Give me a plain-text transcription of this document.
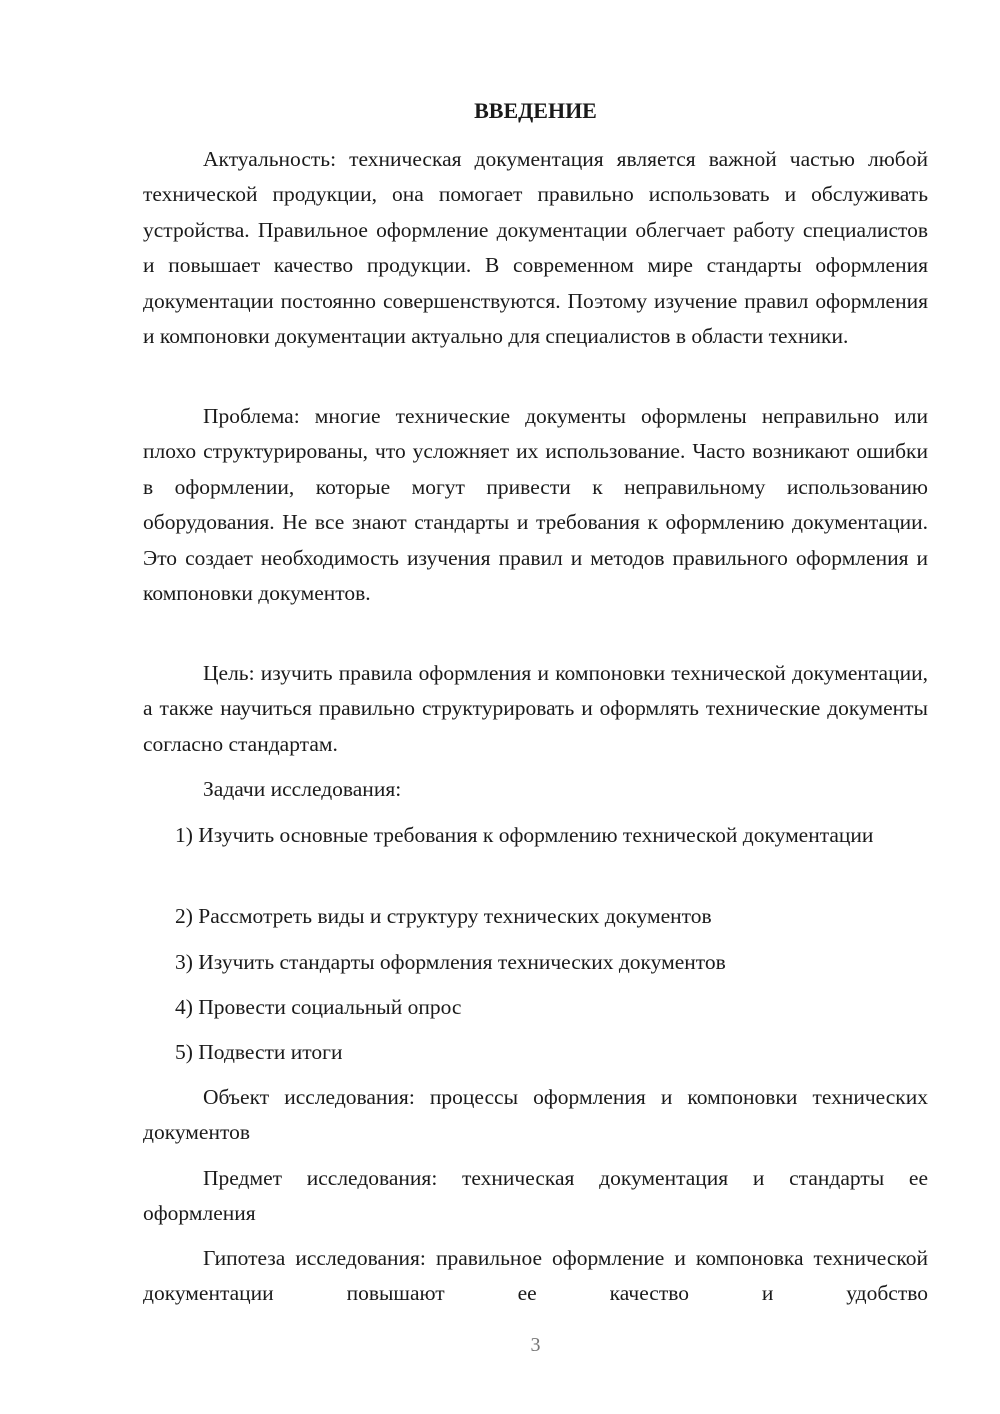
ВВЕДЕНИЕ

Актуальность: техническая документация является важной частью любой технической продукции, она помогает правильно использовать и обслуживать устройства. Правильное оформление документации облегчает работу специалистов и повышает качество продукции. В современном мире стандарты оформления документации постоянно совершенствуются. Поэтому изучение правил оформления и компоновки документации актуально для специалистов в области техники.

Проблема: многие технические документы оформлены неправильно или плохо структурированы, что усложняет их использование. Часто возникают ошибки в оформлении, которые могут привести к неправильному использованию оборудования. Не все знают стандарты и требования к оформлению документации. Это создает необходимость изучения правил и методов правильного оформления и компоновки документов.

Цель: изучить правила оформления и компоновки технической документации, а также научиться правильно структурировать и оформлять технические документы согласно стандартам.

Задачи исследования:

1) Изучить основные требования к оформлению технической документации

2) Рассмотреть виды и структуру технических документов

3) Изучить стандарты оформления технических документов

4) Провести социальный опрос

5) Подвести итоги

Объект исследования: процессы оформления и компоновки технических документов

Предмет исследования: техническая документация и стандарты ее оформления

Гипотеза исследования: правильное оформление и компоновка технической документации повышают ее качество и удобство

3
